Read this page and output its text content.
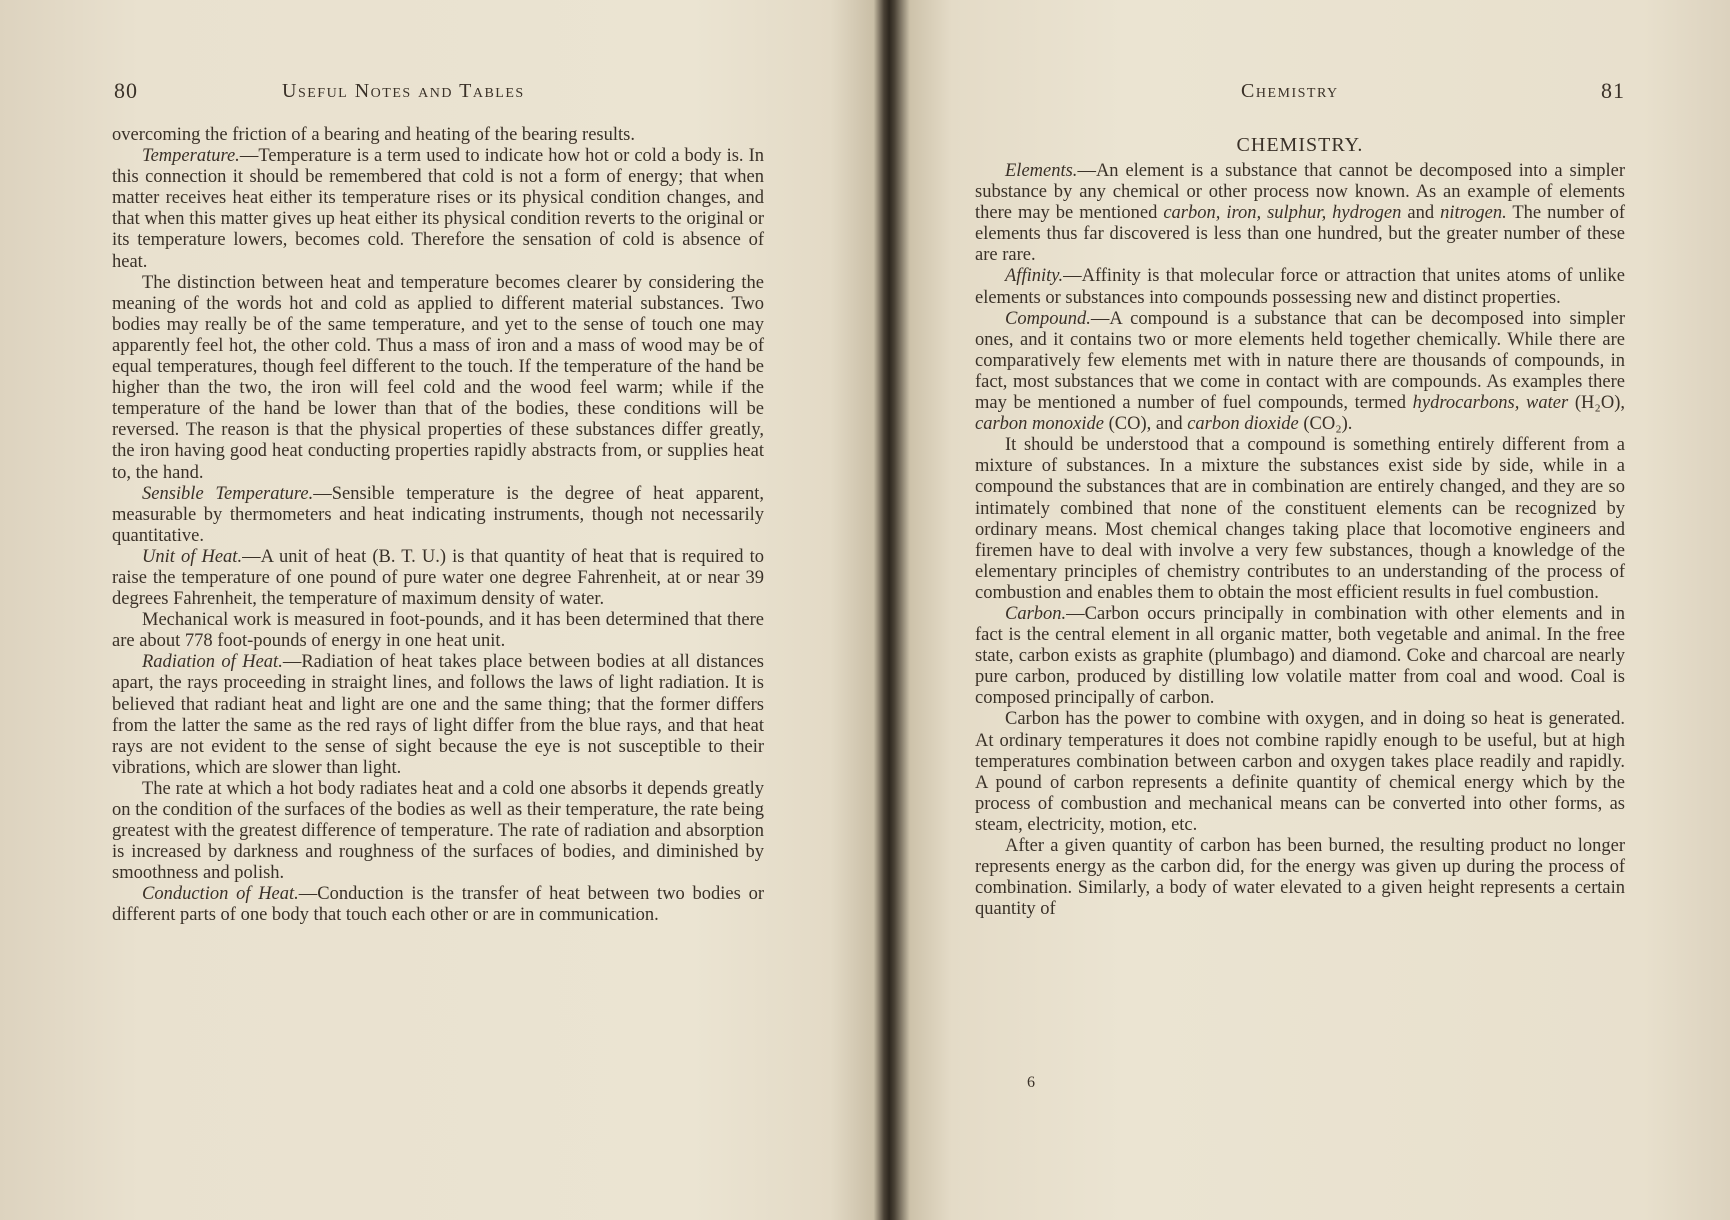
80	Useful Notes and Tables

overcoming the friction of a bearing and heating of the bearing results.

Temperature.—Temperature is a term used to indicate how hot or cold a body is. In this connection it should be remembered that cold is not a form of energy; that when matter receives heat either its temperature rises or its physical condition changes, and that when this matter gives up heat either its physical condition reverts to the original or its temperature lowers, becomes cold. Therefore the sensation of cold is absence of heat.

The distinction between heat and temperature becomes clearer by considering the meaning of the words hot and cold as applied to different material substances. Two bodies may really be of the same temperature, and yet to the sense of touch one may apparently feel hot, the other cold. Thus a mass of iron and a mass of wood may be of equal temperatures, though feel different to the touch. If the temperature of the hand be higher than the two, the iron will feel cold and the wood feel warm; while if the temperature of the hand be lower than that of the bodies, these conditions will be reversed. The reason is that the physical properties of these substances differ greatly, the iron having good heat conducting properties rapidly abstracts from, or supplies heat to, the hand.

Sensible Temperature.—Sensible temperature is the degree of heat apparent, measurable by thermometers and heat indicating instruments, though not necessarily quantitative.

Unit of Heat.—A unit of heat (B. T. U.) is that quantity of heat that is required to raise the temperature of one pound of pure water one degree Fahrenheit, at or near 39 degrees Fahrenheit, the temperature of maximum density of water.

Mechanical work is measured in foot-pounds, and it has been determined that there are about 778 foot-pounds of energy in one heat unit.

Radiation of Heat.—Radiation of heat takes place between bodies at all distances apart, the rays proceeding in straight lines, and follows the laws of light radiation. It is believed that radiant heat and light are one and the same thing; that the former differs from the latter the same as the red rays of light differ from the blue rays, and that heat rays are not evident to the sense of sight because the eye is not susceptible to their vibrations, which are slower than light.

The rate at which a hot body radiates heat and a cold one absorbs it depends greatly on the condition of the surfaces of the bodies as well as their temperature, the rate being greatest with the greatest difference of temperature. The rate of radiation and absorption is increased by darkness and roughness of the surfaces of bodies, and diminished by smoothness and polish.

Conduction of Heat.—Conduction is the transfer of heat between two bodies or different parts of one body that touch each other or are in communication.

Chemistry	81
CHEMISTRY.

Elements.—An element is a substance that cannot be decomposed into a simpler substance by any chemical or other process now known. As an example of elements there may be mentioned carbon, iron, sulphur, hydrogen and nitrogen. The number of elements thus far discovered is less than one hundred, but the greater number of these are rare.

Affinity.—Affinity is that molecular force or attraction that unites atoms of unlike elements or substances into compounds possessing new and distinct properties.

Compound.—A compound is a substance that can be decomposed into simpler ones, and it contains two or more elements held together chemically. While there are comparatively few elements met with in nature there are thousands of compounds, in fact, most substances that we come in contact with are compounds. As examples there may be mentioned a number of fuel compounds, termed hydrocarbons, water (H₂O), carbon monoxide (CO), and carbon dioxide (CO₂).

It should be understood that a compound is something entirely different from a mixture of substances. In a mixture the substances exist side by side, while in a compound the substances that are in combination are entirely changed, and they are so intimately combined that none of the constituent elements can be recognized by ordinary means. Most chemical changes taking place that locomotive engineers and firemen have to deal with involve a very few substances, though a knowledge of the elementary principles of chemistry contributes to an understanding of the process of combustion and enables them to obtain the most efficient results in fuel combustion.

Carbon.—Carbon occurs principally in combination with other elements and in fact is the central element in all organic matter, both vegetable and animal. In the free state, carbon exists as graphite (plumbago) and diamond. Coke and charcoal are nearly pure carbon, produced by distilling low volatile matter from coal and wood. Coal is composed principally of carbon.

Carbon has the power to combine with oxygen, and in doing so heat is generated. At ordinary temperatures it does not combine rapidly enough to be useful, but at high temperatures combination between carbon and oxygen takes place readily and rapidly. A pound of carbon represents a definite quantity of chemical energy which by the process of combustion and mechanical means can be converted into other forms, as steam, electricity, motion, etc.

After a given quantity of carbon has been burned, the resulting product no longer represents energy as the carbon did, for the energy was given up during the process of combination. Similarly, a body of water elevated to a given height represents a certain quantity of

6
